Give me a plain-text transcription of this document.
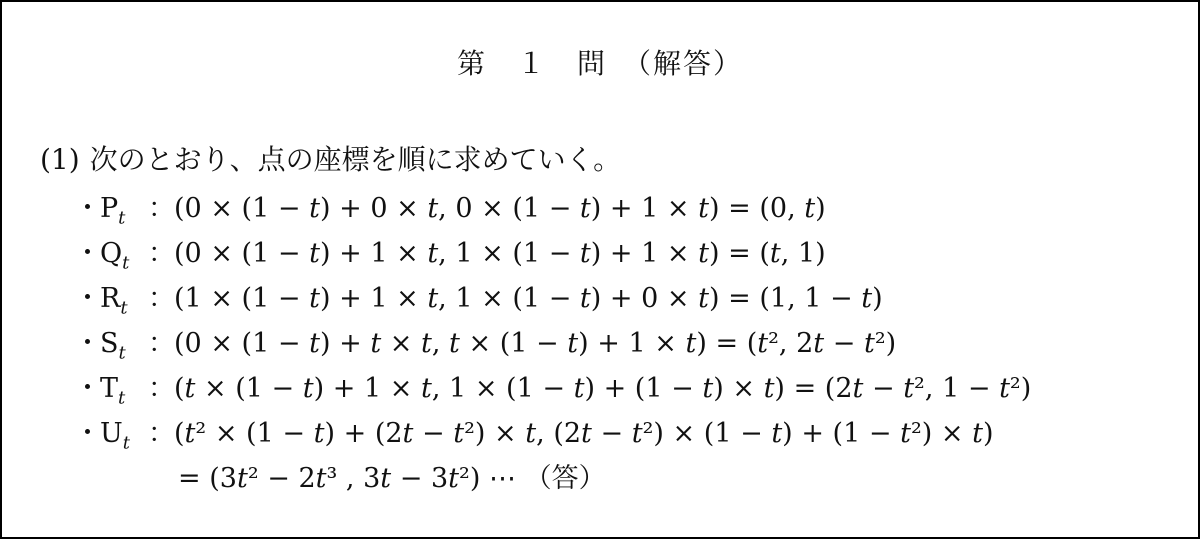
第　１　問　（解答）
(1) 次のとおり、点の座標を順に求めていく。
・ $P_t$ ： (0 × (1 − t) + 0 × t, 0 × (1 − t) + 1 × t) = (0, t)
・ $Q_t$ ： (0 × (1 − t) + 1 × t, 1 × (1 − t) + 1 × t) = (t, 1)
・ $R_t$ ： (1 × (1 − t) + 1 × t, 1 × (1 − t) + 0 × t) = (1, 1 − t)
・ $S_t$ ： (0 × (1 − t) + t × t, t × (1 − t) + 1 × t) = (t², 2t − t²)
・ $T_t$ ： (t × (1 − t) + 1 × t, 1 × (1 − t) + (1 − t) × t) = (2t − t², 1 − t²)
・ $U_t$ ： (t² × (1 − t) + (2t − t²) × t, (2t − t²) × (1 − t) + (1 − t²) × t)
= (3t² − 2t³ , 3t − 3t²) ⋯ （答）
